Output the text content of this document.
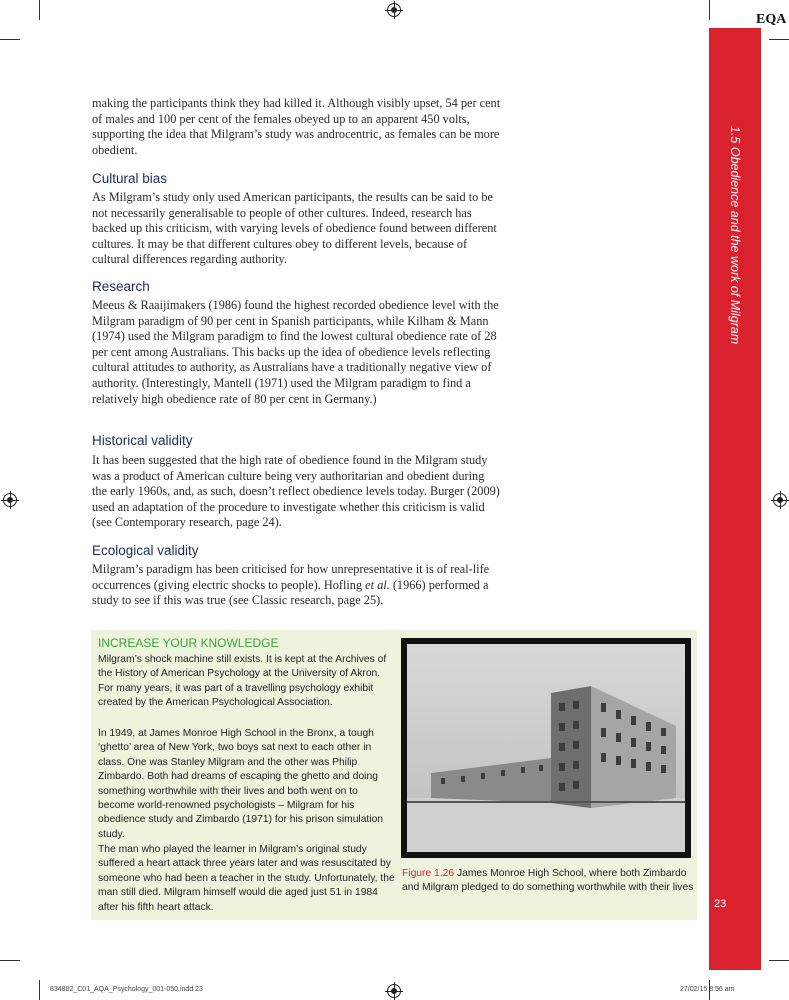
EQA
1.5 Obedience and the work of Milgram
23

making the participants think they had killed it. Although visibly upset, 54 per cent of males and 100 per cent of the females obeyed up to an apparent 450 volts, supporting the idea that Milgram’s study was androcentric, as females can be more obedient.

Cultural bias

As Milgram’s study only used American participants, the results can be said to be not necessarily generalisable to people of other cultures. Indeed, research has backed up this criticism, with varying levels of obedience found between different cultures. It may be that different cultures obey to different levels, because of cultural differences regarding authority.

Research

Meeus & Raaijimakers (1986) found the highest recorded obedience level with the Milgram paradigm of 90 per cent in Spanish participants, while Kilham & Mann (1974) used the Milgram paradigm to find the lowest cultural obedience rate of 28 per cent among Australians. This backs up the idea of obedience levels reflecting cultural attitudes to authority, as Australians have a traditionally negative view of authority. (Interestingly, Mantell (1971) used the Milgram paradigm to find a relatively high obedience rate of 80 per cent in Germany.)

Historical validity

It has been suggested that the high rate of obedience found in the Milgram study was a product of American culture being very authoritarian and obedient during the early 1960s, and, as such, doesn’t reflect obedience levels today. Burger (2009) used an adaptation of the procedure to investigate whether this criticism is valid (see Contemporary research, page 24).

Ecological validity

Milgram’s paradigm has been criticised for how unrepresentative it is of real-life occurrences (giving electric shocks to people). Hofling et al. (1966) performed a study to see if this was true (see Classic research, page 25).

INCREASE YOUR KNOWLEDGE

Milgram’s shock machine still exists. It is kept at the Archives of the History of American Psychology at the University of Akron. For many years, it was part of a travelling psychology exhibit created by the American Psychological Association.

In 1949, at James Monroe High School in the Bronx, a tough ‘ghetto’ area of New York, two boys sat next to each other in class. One was Stanley Milgram and the other was Philip Zimbardo. Both had dreams of escaping the ghetto and doing something worthwhile with their lives and both went on to become world-renowned psychologists – Milgram for his obedience study and Zimbardo (1971) for his prison simulation study.

The man who played the learner in Milgram’s original study suffered a heart attack three years later and was resuscitated by someone who had been a teacher in the study. Unfortunately, the man still died. Milgram himself would die aged just 51 in 1984 after his fifth heart attack.

Figure 1.26 James Monroe High School, where both Zimbardo and Milgram pledged to do something worthwhile with their lives

834882_C01_AQA_Psychology_001-050.indd 23	27/02/15 8:56 am
